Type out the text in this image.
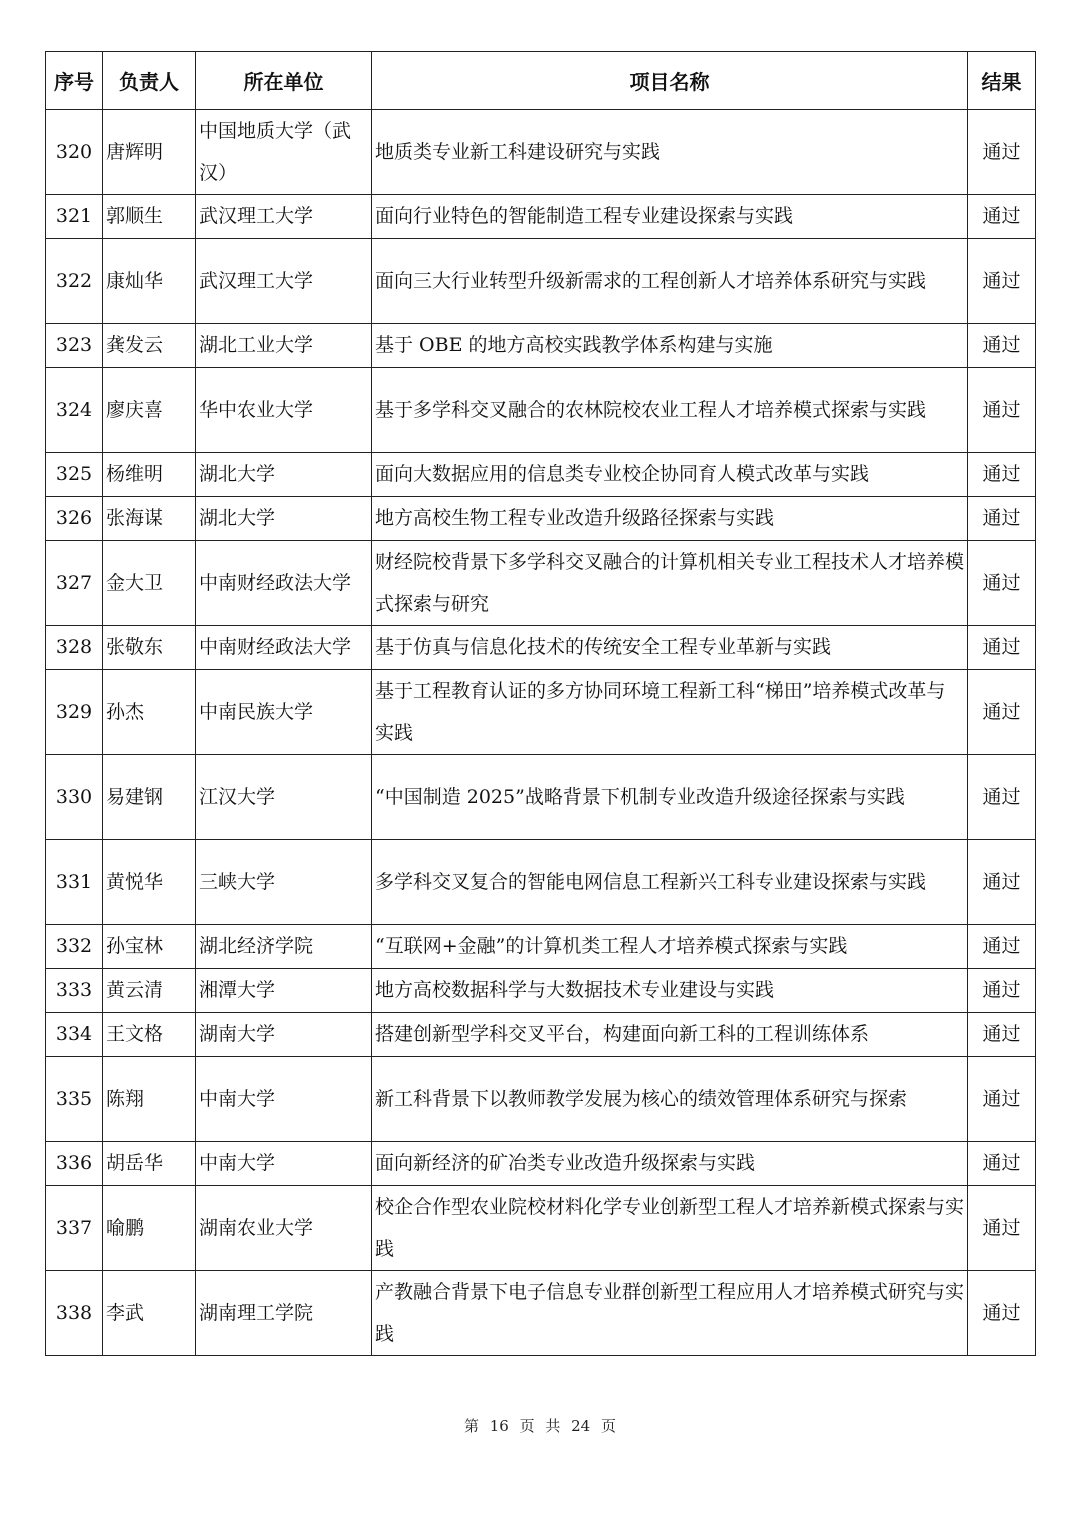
序号	负责人	所在单位	项目名称	结果
320	唐辉明	中国地质大学（武汉）	地质类专业新工科建设研究与实践	通过
321	郭顺生	武汉理工大学	面向行业特色的智能制造工程专业建设探索与实践	通过
322	康灿华	武汉理工大学	面向三大行业转型升级新需求的工程创新人才培养体系研究与实践	通过
323	龚发云	湖北工业大学	基于 OBE 的地方高校实践教学体系构建与实施	通过
324	廖庆喜	华中农业大学	基于多学科交叉融合的农林院校农业工程人才培养模式探索与实践	通过
325	杨维明	湖北大学	面向大数据应用的信息类专业校企协同育人模式改革与实践	通过
326	张海谋	湖北大学	地方高校生物工程专业改造升级路径探索与实践	通过
327	金大卫	中南财经政法大学	财经院校背景下多学科交叉融合的计算机相关专业工程技术人才培养模式探索与研究	通过
328	张敬东	中南财经政法大学	基于仿真与信息化技术的传统安全工程专业革新与实践	通过
329	孙杰	中南民族大学	基于工程教育认证的多方协同环境工程新工科“梯田”培养模式改革与实践	通过
330	易建钢	江汉大学	“中国制造 2025”战略背景下机制专业改造升级途径探索与实践	通过
331	黄悦华	三峡大学	多学科交叉复合的智能电网信息工程新兴工科专业建设探索与实践	通过
332	孙宝林	湖北经济学院	“互联网+金融”的计算机类工程人才培养模式探索与实践	通过
333	黄云清	湘潭大学	地方高校数据科学与大数据技术专业建设与实践	通过
334	王文格	湖南大学	搭建创新型学科交叉平台，构建面向新工科的工程训练体系	通过
335	陈翔	中南大学	新工科背景下以教师教学发展为核心的绩效管理体系研究与探索	通过
336	胡岳华	中南大学	面向新经济的矿冶类专业改造升级探索与实践	通过
337	喻鹏	湖南农业大学	校企合作型农业院校材料化学专业创新型工程人才培养新模式探索与实践	通过
338	李武	湖南理工学院	产教融合背景下电子信息专业群创新型工程应用人才培养模式研究与实践	通过
第 16 页 共 24 页
